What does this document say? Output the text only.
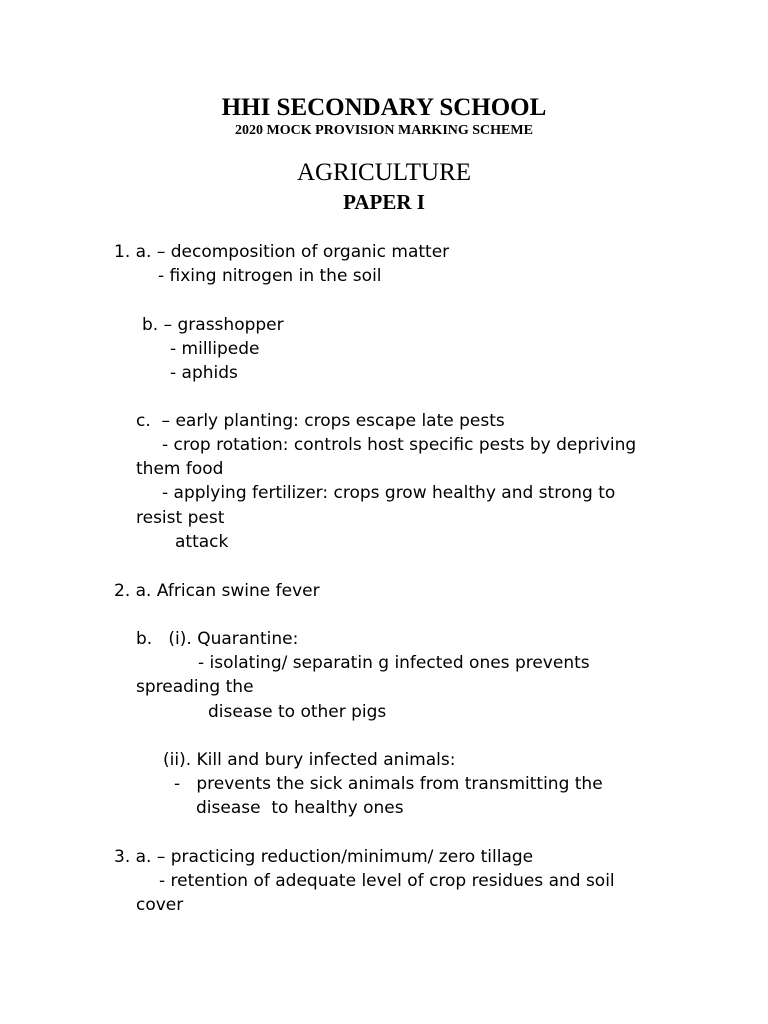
HHI SECONDARY SCHOOL
2020 MOCK PROVISION MARKING SCHEME
AGRICULTURE
PAPER I
1. a. – decomposition of organic matter
- fixing nitrogen in the soil
b. – grasshopper
- millipede
- aphids
c.  – early planting: crops escape late pests
- crop rotation: controls host specific pests by depriving
them food
- applying fertilizer: crops grow healthy and strong to
resist pest
attack
2. a. African swine fever
b.   (i). Quarantine:
- isolating/ separatin g infected ones prevents
spreading the
disease to other pigs
(ii). Kill and bury infected animals:
-   prevents the sick animals from transmitting the
disease  to healthy ones
3. a. – practicing reduction/minimum/ zero tillage
- retention of adequate level of crop residues and soil
cover
